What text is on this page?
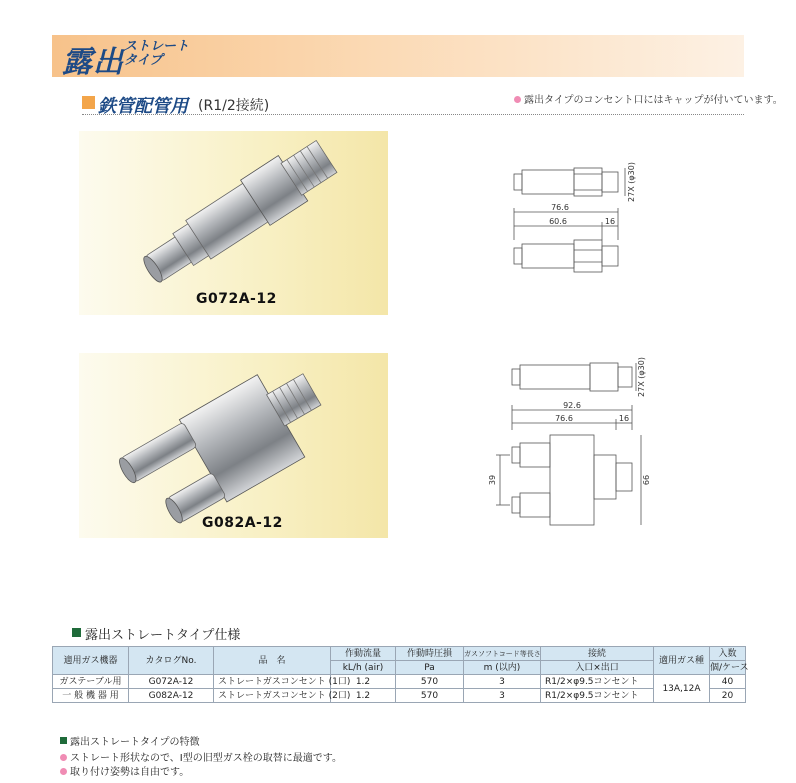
露出 ストレート
タイプ
鉄管配管用 (R1/2接続)	露出タイプのコンセント口にはキャップが付いています。
G072A-12
G082A-12
76.6
60.6	16
27X (φ30)
92.6
76.6	16
27X (φ30)
39	66
露出ストレートタイプ仕様
適用ガス機器	カタログNo.	品　名	作動流量	作動時圧損	ガスソフトコード等長さ	接続	適用ガス種	入数
			kL/h (air)	Pa	m (以内)	入口×出口		個/ケース
ガステーブル用	G072A-12	ストレートガスコンセント (1口)	1.2	570	3	R1/2×φ9.5コンセント	13A,12A	40
一 般 機 器 用	G082A-12	ストレートガスコンセント (2口)	1.2	570	3	R1/2×φ9.5コンセント		20
露出ストレートタイプの特徴
ストレート形状なので、I型の旧型ガス栓の取替に最適です。
取り付け姿勢は自由です。
